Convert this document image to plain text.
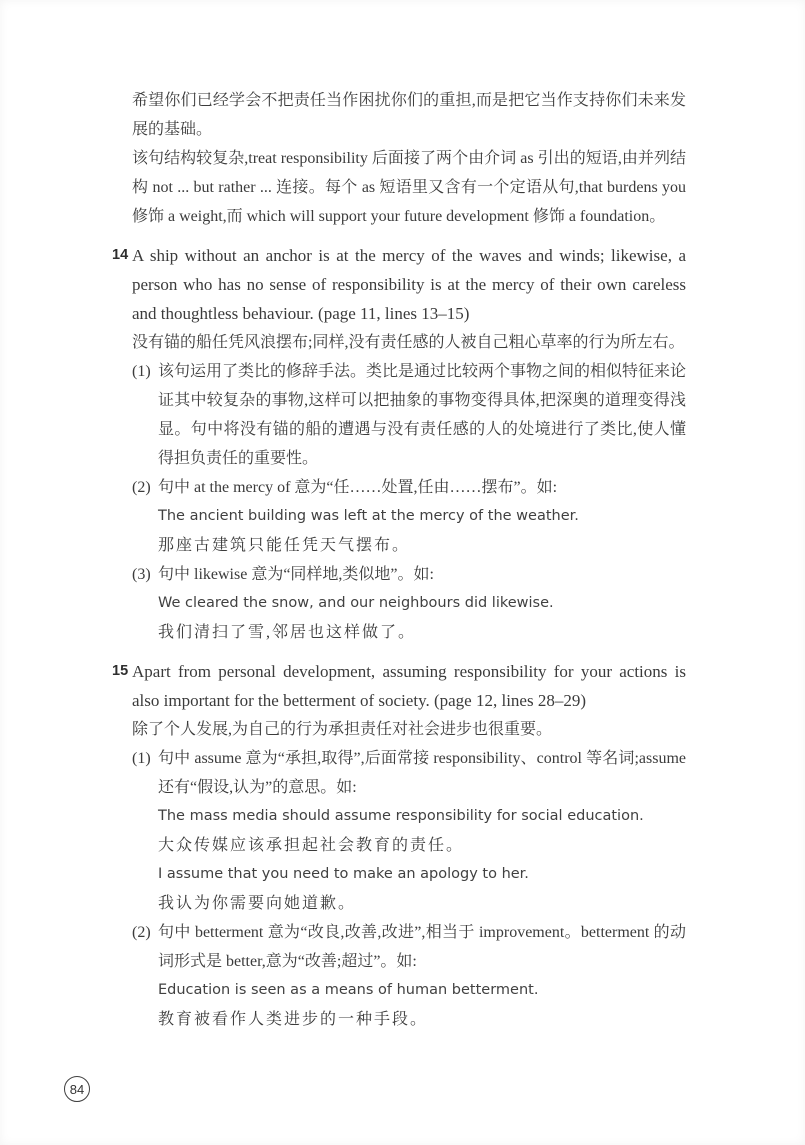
希望你们已经学会不把责任当作困扰你们的重担,而是把它当作支持你们未来发展的基础。

该句结构较复杂,treat responsibility 后面接了两个由介词 as 引出的短语,由并列结构 not ... but rather ... 连接。每个 as 短语里又含有一个定语从句,that burdens you 修饰 a weight,而 which will support your future development 修饰 a foundation。

14 A ship without an anchor is at the mercy of the waves and winds; likewise, a person who has no sense of responsibility is at the mercy of their own careless and thoughtless behaviour. (page 11, lines 13–15)

没有锚的船任凭风浪摆布;同样,没有责任感的人被自己粗心草率的行为所左右。

(1) 该句运用了类比的修辞手法。类比是通过比较两个事物之间的相似特征来论证其中较复杂的事物,这样可以把抽象的事物变得具体,把深奥的道理变得浅显。句中将没有锚的船的遭遇与没有责任感的人的处境进行了类比,使人懂得担负责任的重要性。

(2) 句中 at the mercy of 意为“任……处置,任由……摆布”。如:

The ancient building was left at the mercy of the weather.

那座古建筑只能任凭天气摆布。

(3) 句中 likewise 意为“同样地,类似地”。如:

We cleared the snow, and our neighbours did likewise.

我们清扫了雪,邻居也这样做了。

15 Apart from personal development, assuming responsibility for your actions is also important for the betterment of society. (page 12, lines 28–29)

除了个人发展,为自己的行为承担责任对社会进步也很重要。

(1) 句中 assume 意为“承担,取得”,后面常接 responsibility、control 等名词;assume 还有“假设,认为”的意思。如:

The mass media should assume responsibility for social education.

大众传媒应该承担起社会教育的责任。

I assume that you need to make an apology to her.

我认为你需要向她道歉。

(2) 句中 betterment 意为“改良,改善,改进”,相当于 improvement。betterment 的动词形式是 better,意为“改善;超过”。如:

Education is seen as a means of human betterment.

教育被看作人类进步的一种手段。

84
